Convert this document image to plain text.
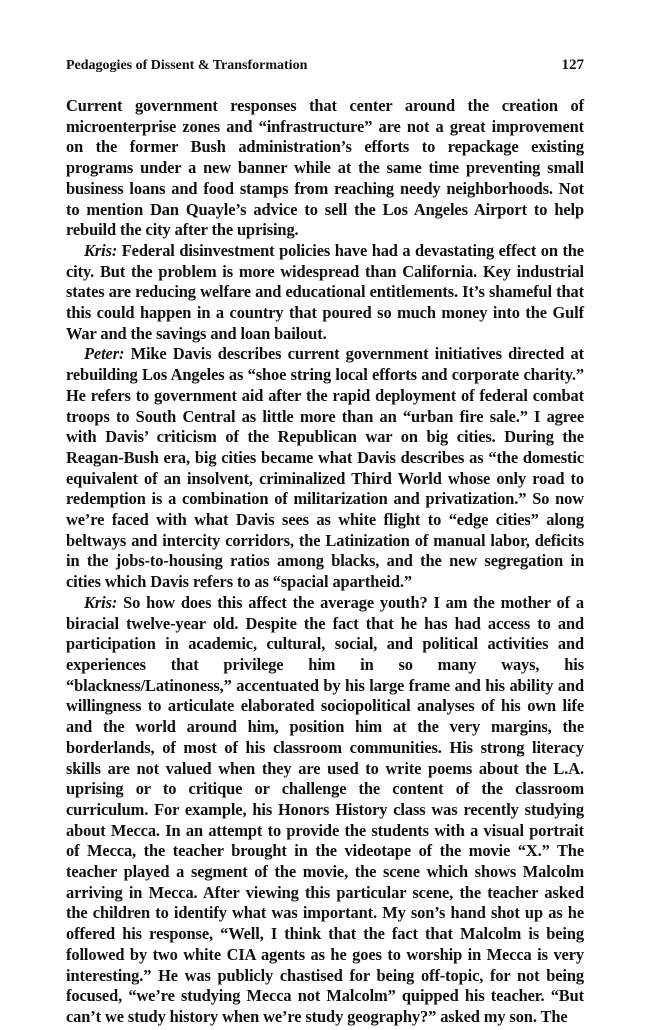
Pedagogies of Dissent & Transformation	127

Current government responses that center around the creation of microenterprise zones and “infrastructure” are not a great improvement on the former Bush administration’s efforts to repackage existing programs under a new banner while at the same time preventing small business loans and food stamps from reaching needy neighborhoods. Not to mention Dan Quayle’s advice to sell the Los Angeles Airport to help rebuild the city after the uprising.

Kris: Federal disinvestment policies have had a devastating effect on the city. But the problem is more widespread than California. Key industrial states are reducing welfare and educational entitlements. It’s shameful that this could happen in a country that poured so much money into the Gulf War and the savings and loan bailout.

Peter: Mike Davis describes current government initiatives directed at rebuilding Los Angeles as “shoe string local efforts and corporate charity.” He refers to government aid after the rapid deployment of federal combat troops to South Central as little more than an “urban fire sale.” I agree with Davis’ criticism of the Republican war on big cities. During the Reagan-Bush era, big cities became what Davis describes as “the domestic equivalent of an insolvent, criminalized Third World whose only road to redemption is a combination of militarization and privatization.” So now we’re faced with what Davis sees as white flight to “edge cities” along beltways and intercity corridors, the Latinization of manual labor, deficits in the jobs-to-housing ratios among blacks, and the new segregation in cities which Davis refers to as “spacial apartheid.”

Kris: So how does this affect the average youth? I am the mother of a biracial twelve-year old. Despite the fact that he has had access to and participation in academic, cultural, social, and political activities and experiences that privilege him in so many ways, his “blackness/Latinoness,” accentuated by his large frame and his ability and willingness to articulate elaborated sociopolitical analyses of his own life and the world around him, position him at the very margins, the borderlands, of most of his classroom communities. His strong literacy skills are not valued when they are used to write poems about the L.A. uprising or to critique or challenge the content of the classroom curriculum. For example, his Honors History class was recently studying about Mecca. In an attempt to provide the students with a visual portrait of Mecca, the teacher brought in the videotape of the movie “X.” The teacher played a segment of the movie, the scene which shows Malcolm arriving in Mecca. After viewing this particular scene, the teacher asked the children to identify what was important. My son’s hand shot up as he offered his response, “Well, I think that the fact that Malcolm is being followed by two white CIA agents as he goes to worship in Mecca is very interesting.” He was publicly chastised for being off-topic, for not being focused, “we’re studying Mecca not Malcolm” quipped his teacher. “But can’t we study history when we’re study geography?” asked my son. The
